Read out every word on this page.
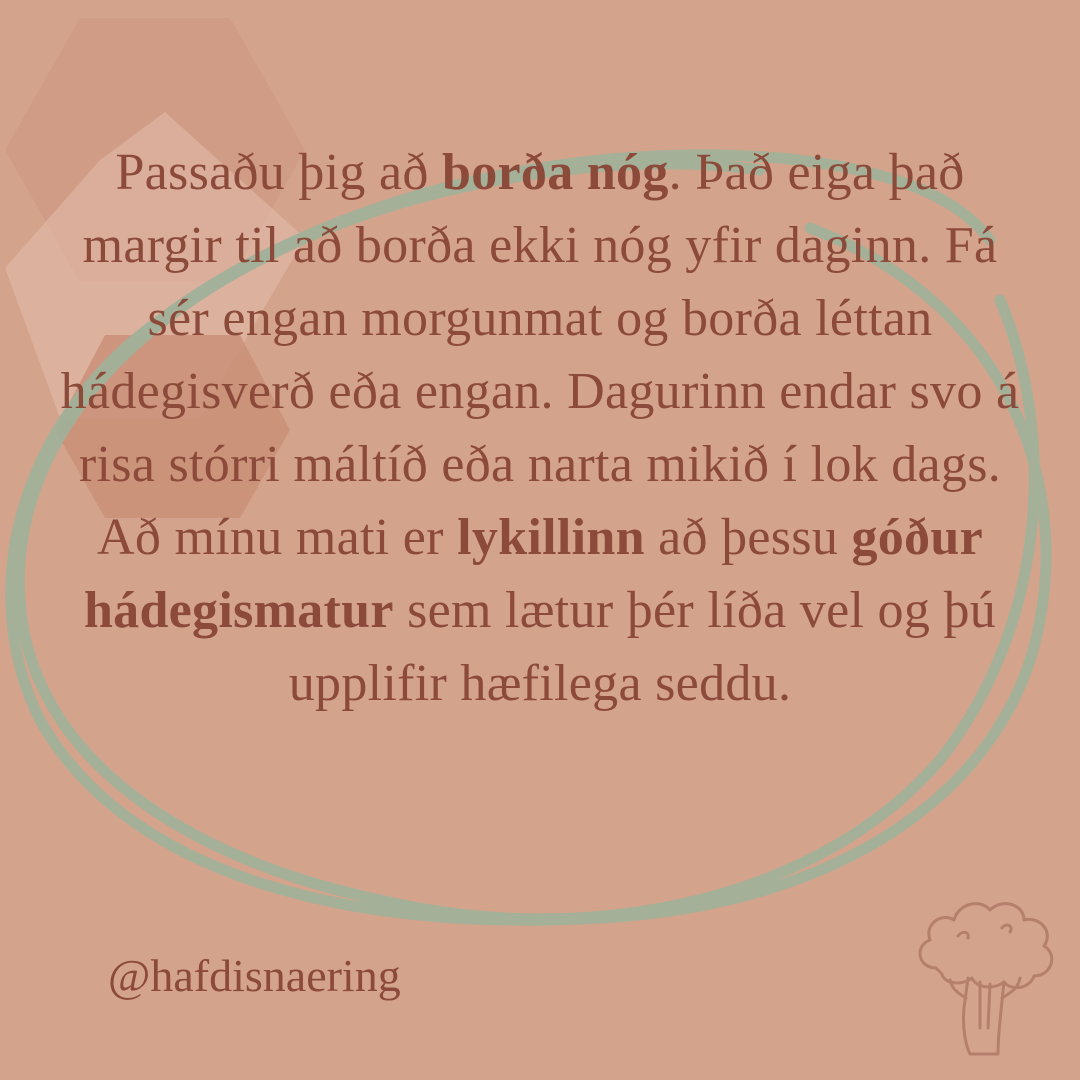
Passaðu þig að borða nóg. Það eiga það margir til að borða ekki nóg yfir daginn. Fá sér engan morgunmat og borða léttan hádegisverð eða engan. Dagurinn endar svo á risa stórri máltíð eða narta mikið í lok dags. Að mínu mati er lykillinn að þessu góður hádegismatur sem lætur þér líða vel og þú upplifir hæfilega seddu.

@hafdisnaering
